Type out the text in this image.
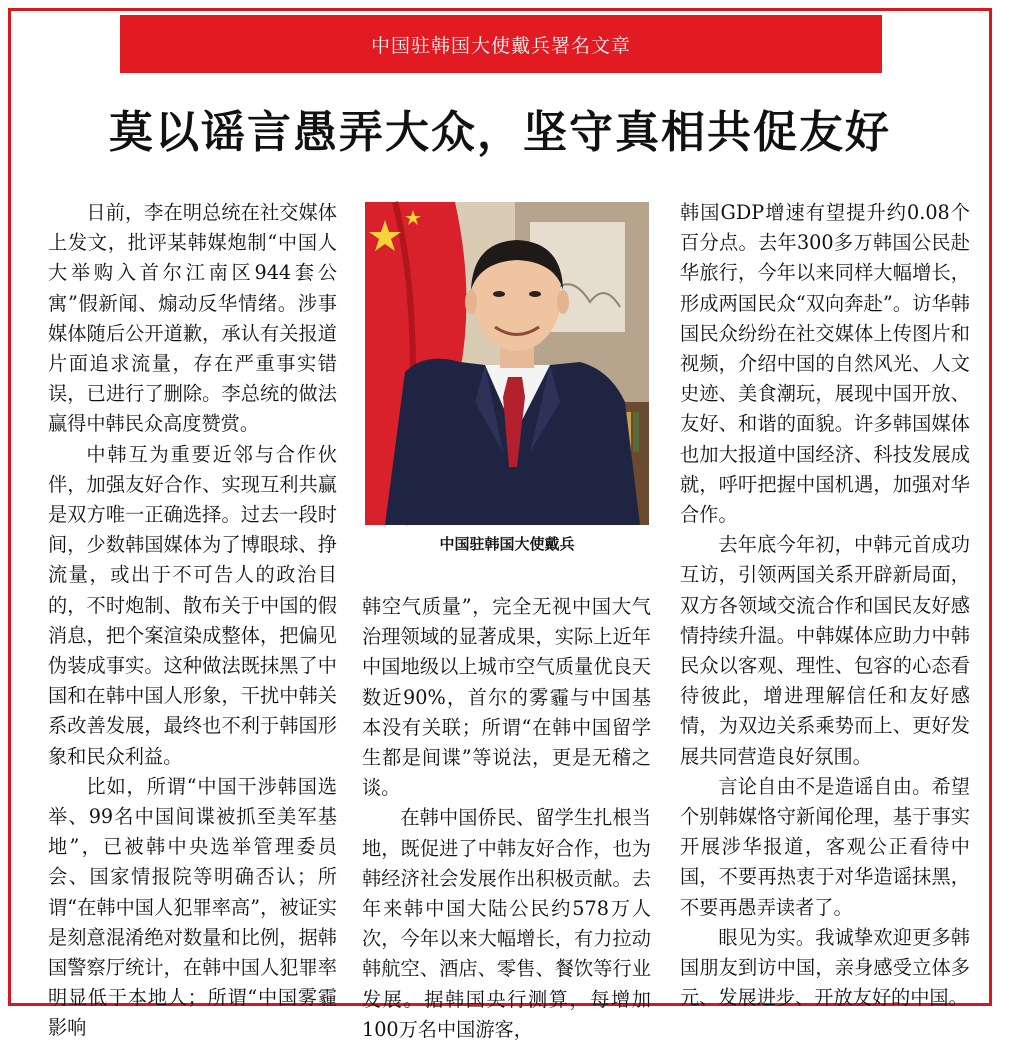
中国驻韩国大使戴兵署名文章
莫以谣言愚弄大众，坚守真相共促友好

日前，李在明总统在社交媒体上发文，批评某韩媒炮制“中国人大举购入首尔江南区944套公寓”假新闻、煽动反华情绪。涉事媒体随后公开道歉，承认有关报道片面追求流量，存在严重事实错误，已进行了删除。李总统的做法赢得中韩民众高度赞赏。

中韩互为重要近邻与合作伙伴，加强友好合作、实现互利共赢是双方唯一正确选择。过去一段时间，少数韩国媒体为了博眼球、挣流量，或出于不可告人的政治目的，不时炮制、散布关于中国的假消息，把个案渲染成整体，把偏见伪装成事实。这种做法既抹黑了中国和在韩中国人形象，干扰中韩关系改善发展，最终也不利于韩国形象和民众利益。

比如，所谓“中国干涉韩国选举、99名中国间谍被抓至美军基地”，已被韩中央选举管理委员会、国家情报院等明确否认；所谓“在韩中国人犯罪率高”，被证实是刻意混淆绝对数量和比例，据韩国警察厅统计，在韩中国人犯罪率明显低于本地人；所谓“中国雾霾影响

中国驻韩国大使戴兵

韩空气质量”，完全无视中国大气治理领域的显著成果，实际上近年中国地级以上城市空气质量优良天数近90%，首尔的雾霾与中国基本没有关联；所谓“在韩中国留学生都是间谍”等说法，更是无稽之谈。

在韩中国侨民、留学生扎根当地，既促进了中韩友好合作，也为韩经济社会发展作出积极贡献。去年来韩中国大陆公民约578万人次，今年以来大幅增长，有力拉动韩航空、酒店、零售、餐饮等行业发展。据韩国央行测算，每增加100万名中国游客，

韩国GDP增速有望提升约0.08个百分点。去年300多万韩国公民赴华旅行，今年以来同样大幅增长，形成两国民众“双向奔赴”。访华韩国民众纷纷在社交媒体上传图片和视频，介绍中国的自然风光、人文史迹、美食潮玩，展现中国开放、友好、和谐的面貌。许多韩国媒体也加大报道中国经济、科技发展成就，呼吁把握中国机遇，加强对华合作。

去年底今年初，中韩元首成功互访，引领两国关系开辟新局面，双方各领域交流合作和国民友好感情持续升温。中韩媒体应助力中韩民众以客观、理性、包容的心态看待彼此，增进理解信任和友好感情，为双边关系乘势而上、更好发展共同营造良好氛围。

言论自由不是造谣自由。希望个别韩媒恪守新闻伦理，基于事实开展涉华报道，客观公正看待中国，不要再热衷于对华造谣抹黑，不要再愚弄读者了。

眼见为实。我诚挚欢迎更多韩国朋友到访中国，亲身感受立体多元、发展进步、开放友好的中国。
